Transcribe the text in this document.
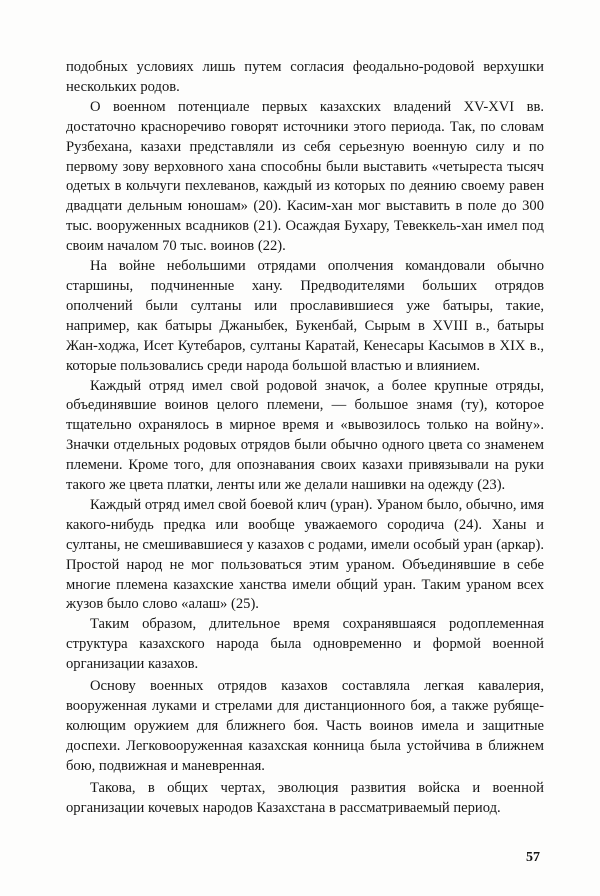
подобных условиях лишь путем согласия феодально-родовой верхушки нескольких родов.

О военном потенциале первых казахских владений XV-XVI вв. достаточно красноречиво говорят источники этого периода. Так, по словам Рузбехана, казахи представляли из себя серьезную военную силу и по первому зову верховного хана способны были выставить «четыреста тысяч одетых в кольчуги пехлеванов, каждый из которых по деянию своему равен двадцати дельным юношам» (20). Касим-хан мог выставить в поле до 300 тыс. вооруженных всадников (21). Осаждая Бухару, Тевеккель-хан имел под своим началом 70 тыс. воинов (22).

На войне небольшими отрядами ополчения командовали обычно старшины, подчиненные хану. Предводителями больших отрядов ополчений были султаны или прославившиеся уже батыры, такие, например, как батыры Джаныбек, Букенбай, Сырым в XVIII в., батыры Жан-ходжа, Исет Кутебаров, султаны Каратай, Кенесары Касымов в XIX в., которые пользовались среди народа большой властью и влиянием.

Каждый отряд имел свой родовой значок, а более крупные отряды, объединявшие воинов целого племени, — большое знамя (ту), которое тщательно охранялось в мирное время и «вывозилось только на войну». Значки отдельных родовых отрядов были обычно одного цвета со знаменем племени. Кроме того, для опознавания своих казахи привязывали на руки такого же цвета платки, ленты или же делали нашивки на одежду (23).

Каждый отряд имел свой боевой клич (уран). Ураном было, обычно, имя какого-нибудь предка или вообще уважаемого сородича (24). Ханы и султаны, не смешивавшиеся у казахов с родами, имели особый уран (аркар). Простой народ не мог пользоваться этим ураном. Объединявшие в себе многие племена казахские ханства имели общий уран. Таким ураном всех жузов было слово «алаш» (25).

Таким образом, длительное время сохранявшаяся родоплеменная структура казахского народа была одновременно и формой военной организации казахов.

Основу военных отрядов казахов составляла легкая кавалерия, вооруженная луками и стрелами для дистанционного боя, а также рубяще-колющим оружием для ближнего боя. Часть воинов имела и защитные доспехи. Легковооруженная казахская конница была устойчива в ближнем бою, подвижная и маневренная.

Такова, в общих чертах, эволюция развития войска и военной организации кочевых народов Казахстана в рассматриваемый период.

57
